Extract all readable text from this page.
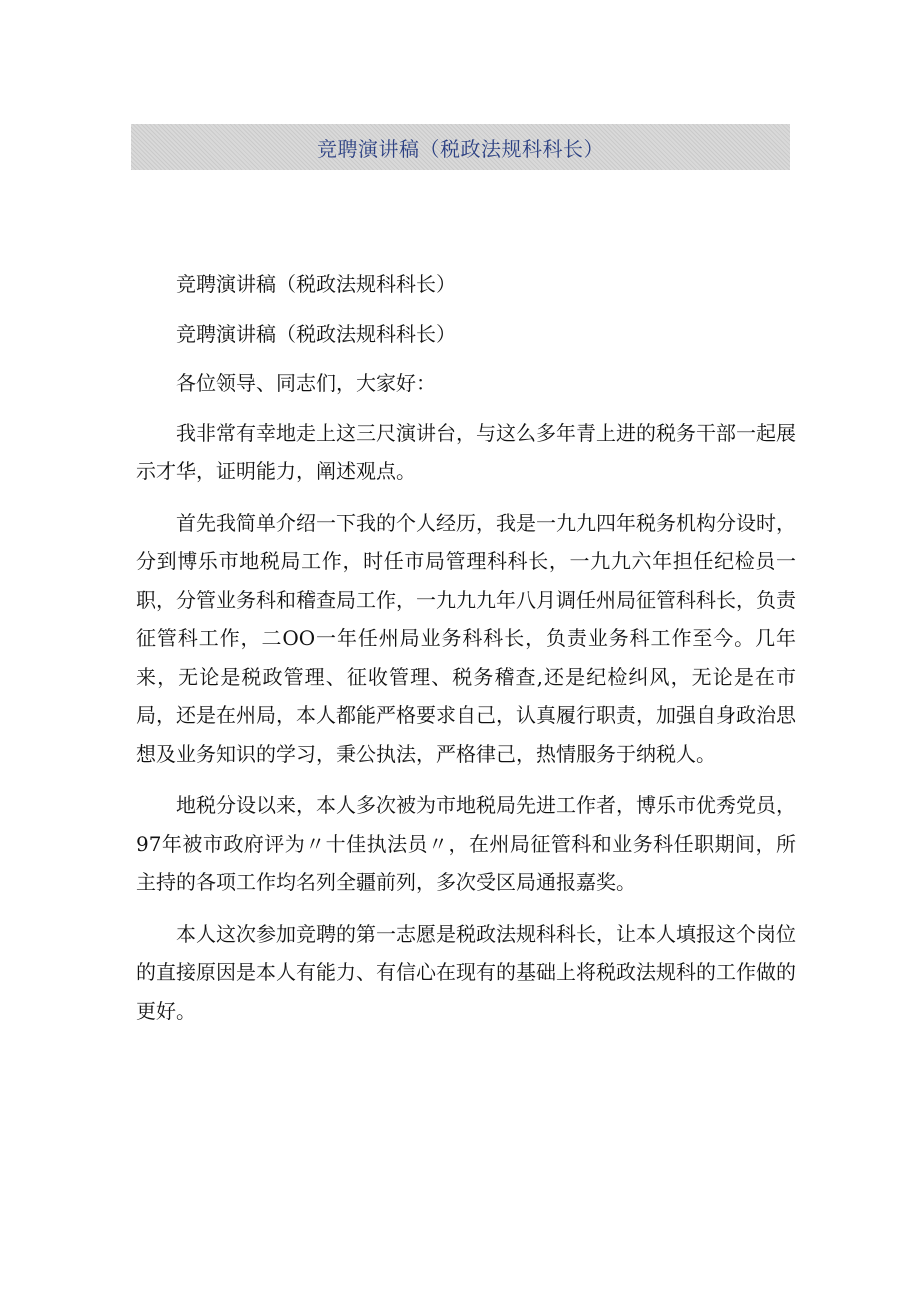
竞聘演讲稿（税政法规科科长）

竞聘演讲稿（税政法规科科长）

竞聘演讲稿（税政法规科科长）

各位领导、同志们，大家好：

我非常有幸地走上这三尺演讲台，与这么多年青上进的税务干部一起展示才华，证明能力，阐述观点。

首先我简单介绍一下我的个人经历，我是一九九四年税务机构分设时，分到博乐市地税局工作，时任市局管理科科长，一九九六年担任纪检员一职，分管业务科和稽查局工作，一九九九年八月调任州局征管科科长，负责征管科工作，二OO一年任州局业务科科长，负责业务科工作至今。几年来，无论是税政管理、征收管理、税务稽查,还是纪检纠风，无论是在市局，还是在州局，本人都能严格要求自己，认真履行职责，加强自身政治思想及业务知识的学习，秉公执法，严格律己，热情服务于纳税人。

地税分设以来，本人多次被为市地税局先进工作者，博乐市优秀党员，97年被市政府评为〃十佳执法员〃，在州局征管科和业务科任职期间，所主持的各项工作均名列全疆前列，多次受区局通报嘉奖。

本人这次参加竞聘的第一志愿是税政法规科科长，让本人填报这个岗位的直接原因是本人有能力、有信心在现有的基础上将税政法规科的工作做的更好。
